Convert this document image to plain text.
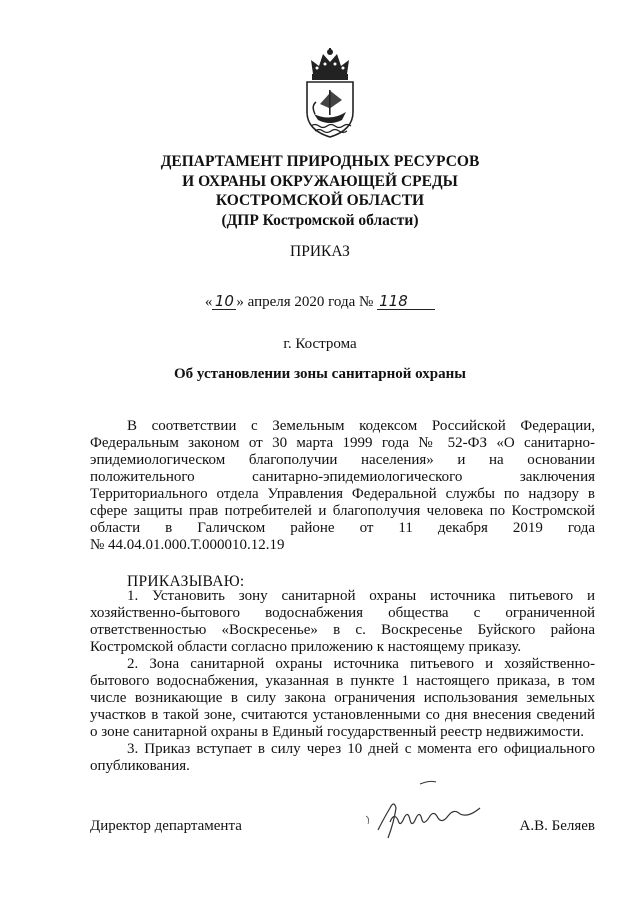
ДЕПАРТАМЕНТ ПРИРОДНЫХ РЕСУРСОВ
И ОХРАНЫ ОКРУЖАЮЩЕЙ СРЕДЫ
КОСТРОМСКОЙ ОБЛАСТИ
(ДПР Костромской области)
ПРИКАЗ
« 10 » апреля 2020 года № 118
г. Кострома
Об установлении зоны санитарной охраны
В соответствии с Земельным кодексом Российской Федерации,
Федеральным законом от 30 марта 1999 года № 52-ФЗ «О санитарно-
эпидемиологическом благополучии населения» и на основании
положительного санитарно-эпидемиологического заключения
Территориального отдела Управления Федеральной службы по надзору в
сфере защиты прав потребителей и благополучия человека по Костромской
области в Галичском районе от 11 декабря 2019 года
№ 44.04.01.000.Т.000010.12.19
ПРИКАЗЫВАЮ:
1. Установить зону санитарной охраны источника питьевого и
хозяйственно-бытового водоснабжения общества с ограниченной
ответственностью «Воскресенье» в с. Воскресенье Буйского района
Костромской области согласно приложению к настоящему приказу.
2. Зона санитарной охраны источника питьевого и хозяйственно-
бытового водоснабжения, указанная в пункте 1 настоящего приказа, в том
числе возникающие в силу закона ограничения использования земельных
участков в такой зоне, считаются установленными со дня внесения сведений
о зоне санитарной охраны в Единый государственный реестр недвижимости.
3. Приказ вступает в силу через 10 дней с момента его официального
опубликования.
Директор департамента	А.В. Беляев
